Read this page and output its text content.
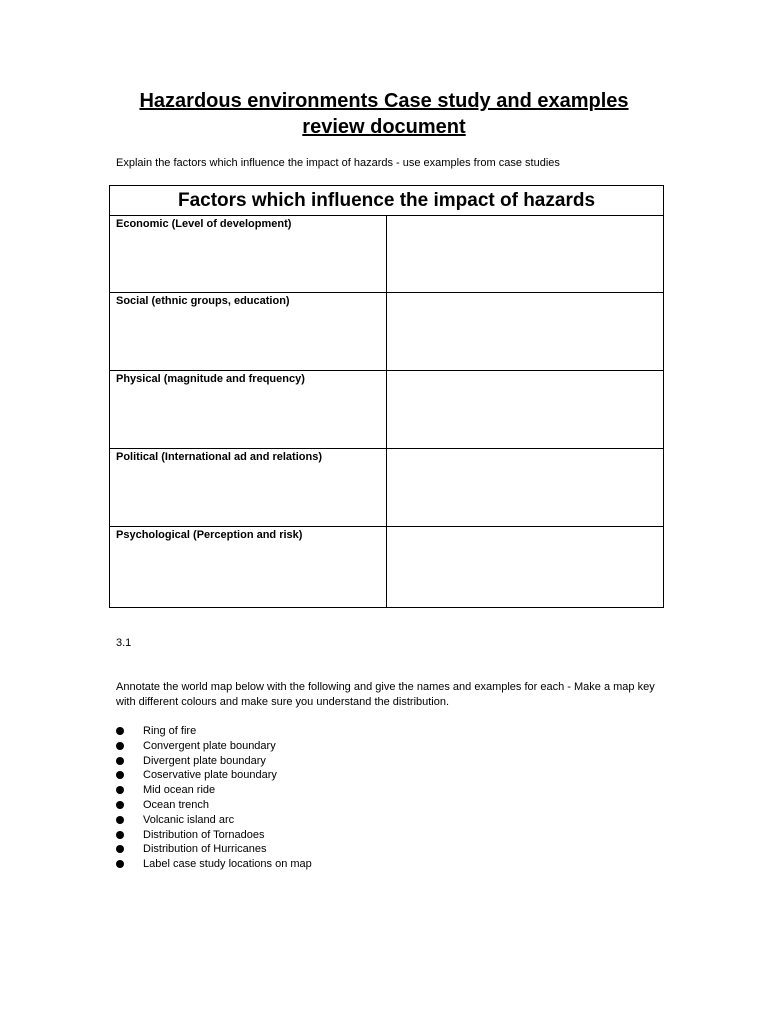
Hazardous environments Case study and examples
review document
Explain the factors which influence the impact of hazards - use examples from case studies
Factors which influence the impact of hazards	
Economic (Level of development)	
Social (ethnic groups, education)	
Physical (magnitude and frequency)	
Political (International ad and relations)	
Psychological (Perception and risk)	
3.1
Annotate the world map below with the following and give the names and examples for each - Make a map key with different colours and make sure you understand the distribution.
Ring of fire
Convergent plate boundary
Divergent plate boundary
Coservative plate boundary
Mid ocean ride
Ocean trench
Volcanic island arc
Distribution of Tornadoes
Distribution of Hurricanes
Label case study locations on map
